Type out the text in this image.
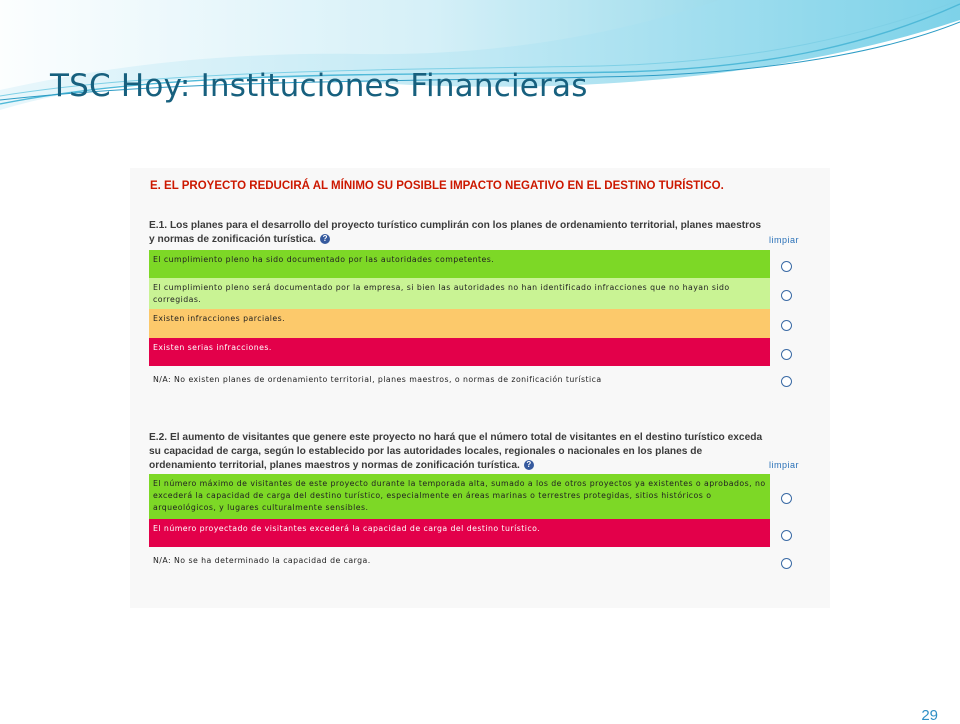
TSC Hoy: Instituciones Financieras
E. EL PROYECTO REDUCIRÁ AL MÍNIMO SU POSIBLE IMPACTO NEGATIVO EN EL DESTINO TURÍSTICO.
E.1. Los planes para el desarrollo del proyecto turístico cumplirán con los planes de ordenamiento territorial, planes maestros y normas de zonificación turística. ?	limpiar
El cumplimiento pleno ha sido documentado por las autoridades competentes.
El cumplimiento pleno será documentado por la empresa, si bien las autoridades no han identificado infracciones que no hayan sido corregidas.
Existen infracciones parciales.
Existen serias infracciones.
N/A: No existen planes de ordenamiento territorial, planes maestros, o normas de zonificación turística
E.2. El aumento de visitantes que genere este proyecto no hará que el número total de visitantes en el destino turístico exceda su capacidad de carga, según lo establecido por las autoridades locales, regionales o nacionales en los planes de ordenamiento territorial, planes maestros y normas de zonificación turística. ?	limpiar
El número máximo de visitantes de este proyecto durante la temporada alta, sumado a los de otros proyectos ya existentes o aprobados, no excederá la capacidad de carga del destino turístico, especialmente en áreas marinas o terrestres protegidas, sitios históricos o arqueológicos, y lugares culturalmente sensibles.
El número proyectado de visitantes excederá la capacidad de carga del destino turístico.
N/A: No se ha determinado la capacidad de carga.
29
